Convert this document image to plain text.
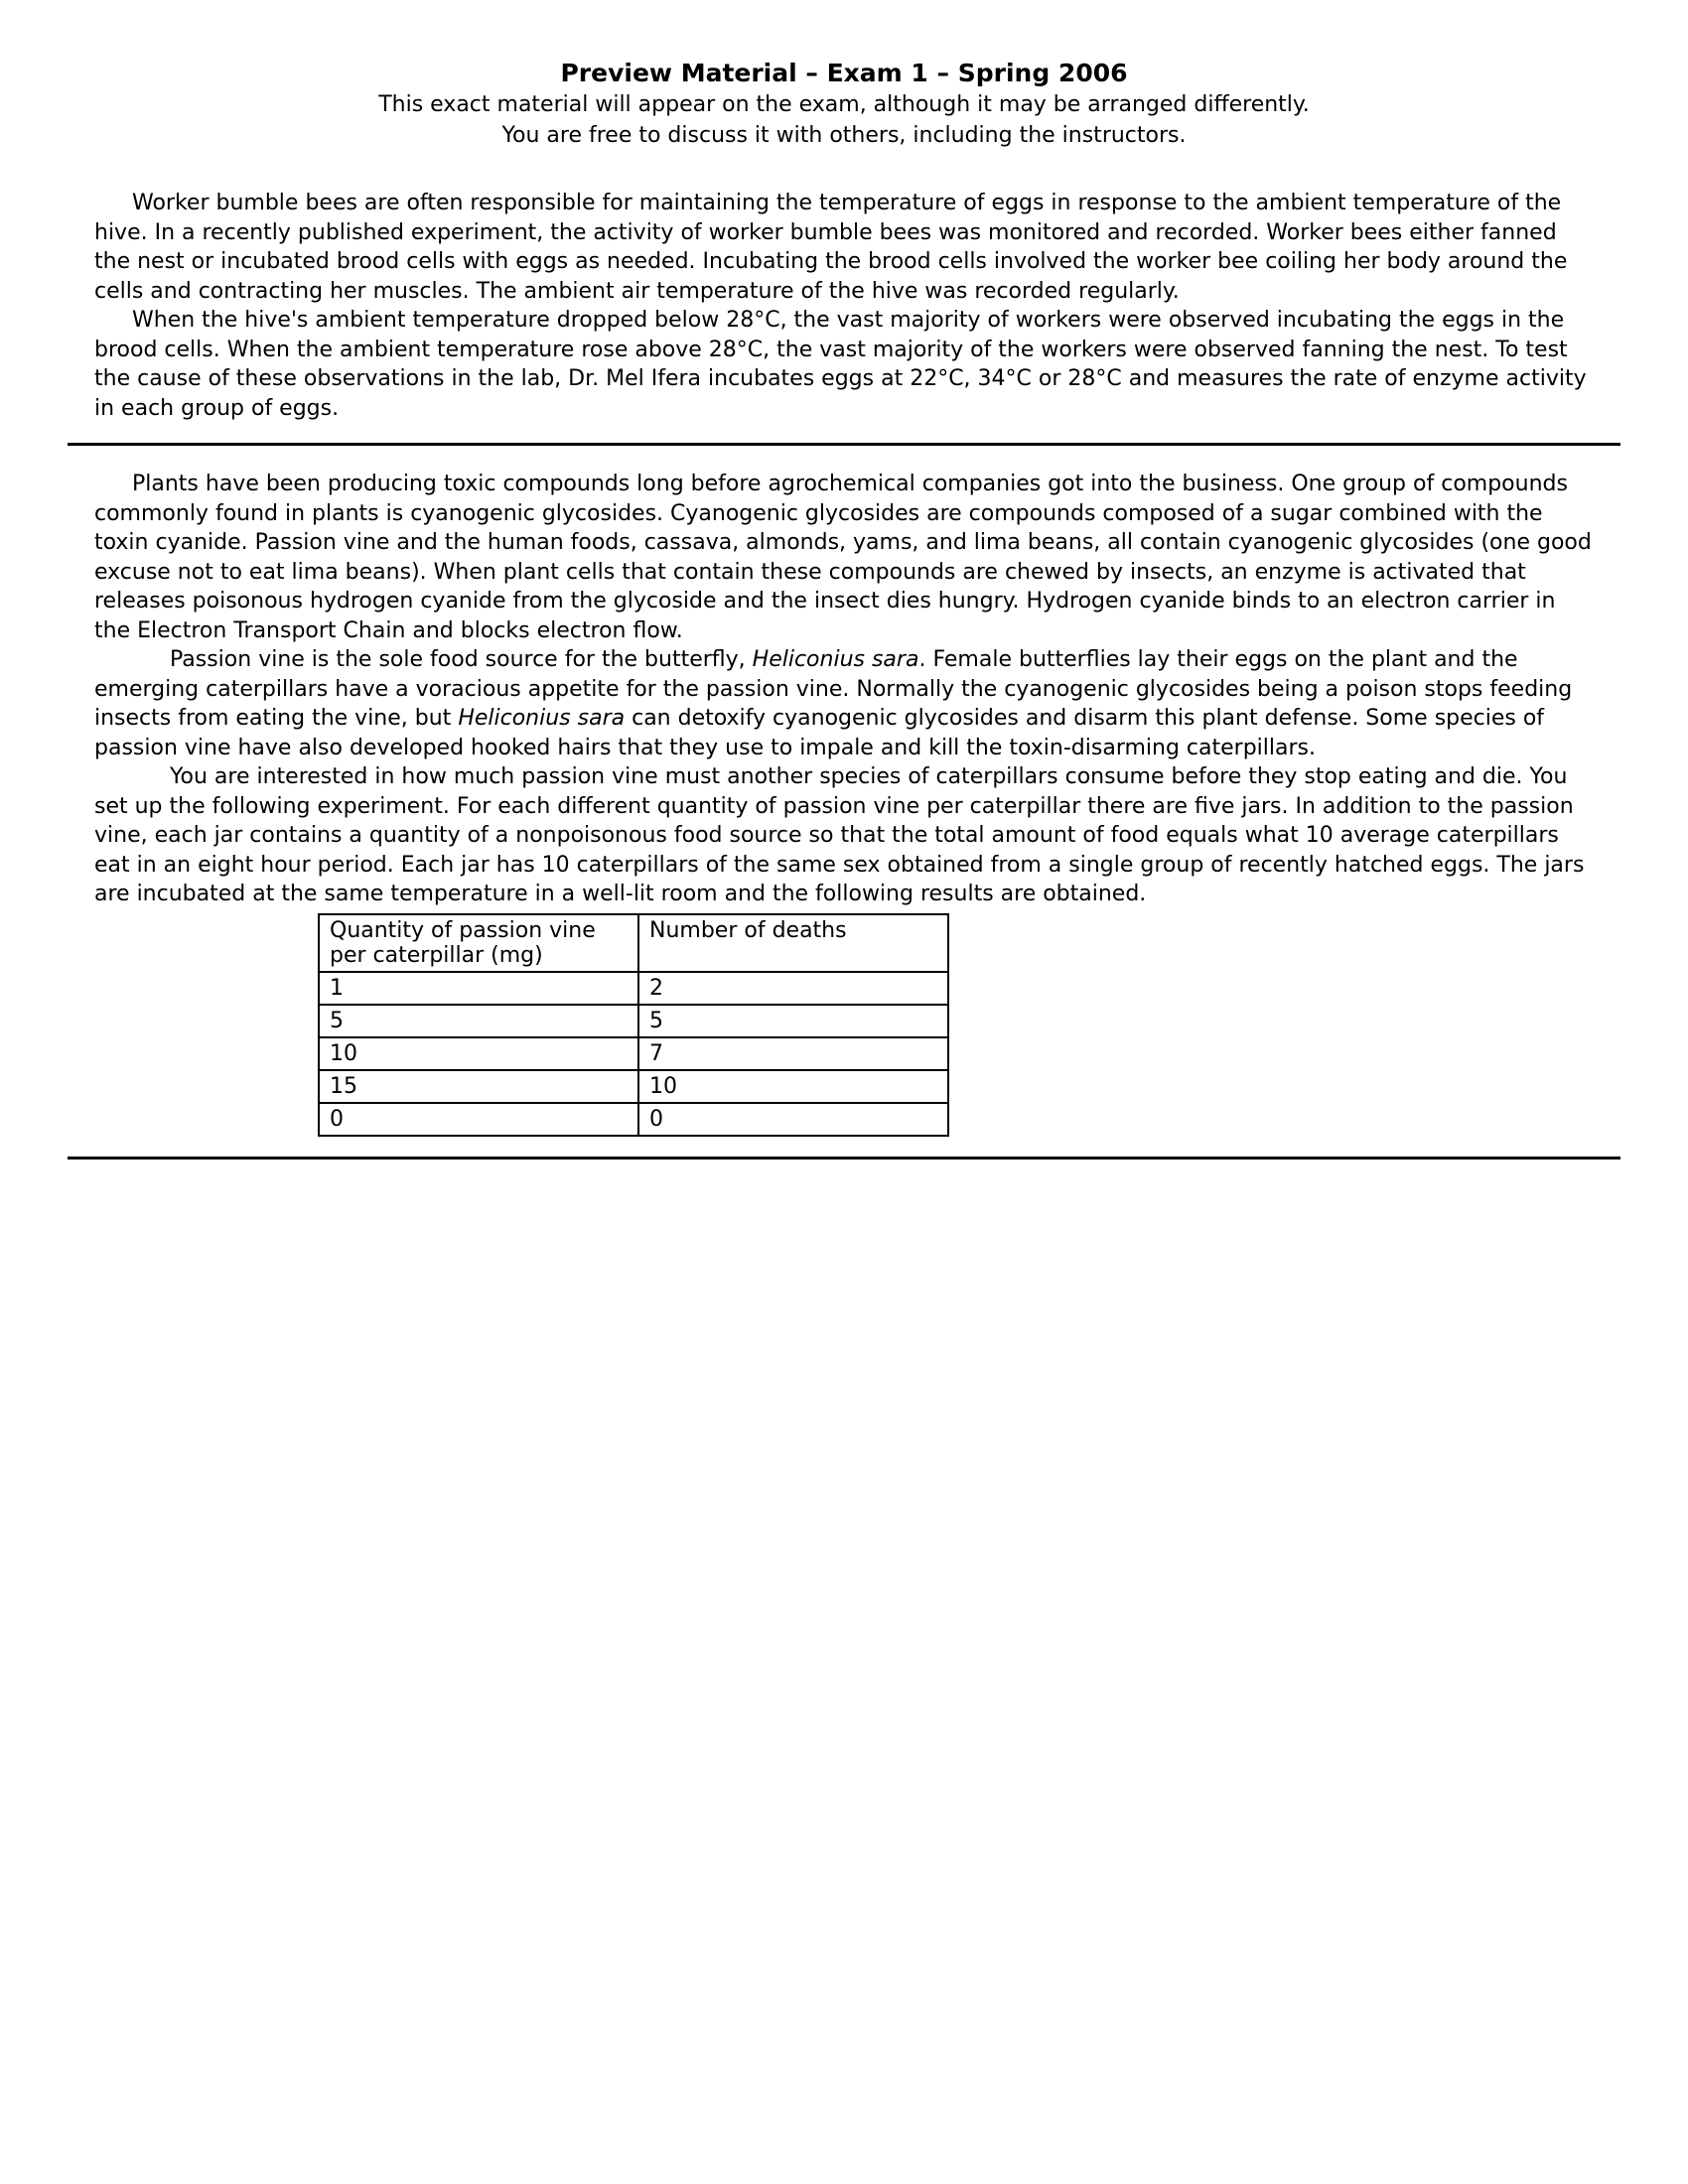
Preview Material – Exam 1 – Spring 2006
This exact material will appear on the exam, although it may be arranged differently.
You are free to discuss it with others, including the instructors.

Worker bumble bees are often responsible for maintaining the temperature of eggs in response to the ambient temperature of the hive. In a recently published experiment, the activity of worker bumble bees was monitored and recorded. Worker bees either fanned the nest or incubated brood cells with eggs as needed. Incubating the brood cells involved the worker bee coiling her body around the cells and contracting her muscles. The ambient air temperature of the hive was recorded regularly.

When the hive's ambient temperature dropped below 28°C, the vast majority of workers were observed incubating the eggs in the brood cells. When the ambient temperature rose above 28°C, the vast majority of the workers were observed fanning the nest. To test the cause of these observations in the lab, Dr. Mel Ifera incubates eggs at 22°C, 34°C or 28°C and measures the rate of enzyme activity in each group of eggs.

Plants have been producing toxic compounds long before agrochemical companies got into the business. One group of compounds commonly found in plants is cyanogenic glycosides. Cyanogenic glycosides are compounds composed of a sugar combined with the toxin cyanide. Passion vine and the human foods, cassava, almonds, yams, and lima beans, all contain cyanogenic glycosides (one good excuse not to eat lima beans). When plant cells that contain these compounds are chewed by insects, an enzyme is activated that releases poisonous hydrogen cyanide from the glycoside and the insect dies hungry. Hydrogen cyanide binds to an electron carrier in the Electron Transport Chain and blocks electron flow.

Passion vine is the sole food source for the butterfly, Heliconius sara. Female butterflies lay their eggs on the plant and the emerging caterpillars have a voracious appetite for the passion vine. Normally the cyanogenic glycosides being a poison stops feeding insects from eating the vine, but Heliconius sara can detoxify cyanogenic glycosides and disarm this plant defense. Some species of passion vine have also developed hooked hairs that they use to impale and kill the toxin-disarming caterpillars.

You are interested in how much passion vine must another species of caterpillars consume before they stop eating and die. You set up the following experiment. For each different quantity of passion vine per caterpillar there are five jars. In addition to the passion vine, each jar contains a quantity of a nonpoisonous food source so that the total amount of food equals what 10 average caterpillars eat in an eight hour period. Each jar has 10 caterpillars of the same sex obtained from a single group of recently hatched eggs. The jars are incubated at the same temperature in a well-lit room and the following results are obtained.

Quantity of passion vine per caterpillar (mg)	Number of deaths
1	2
5	5
10	7
15	10
0	0
